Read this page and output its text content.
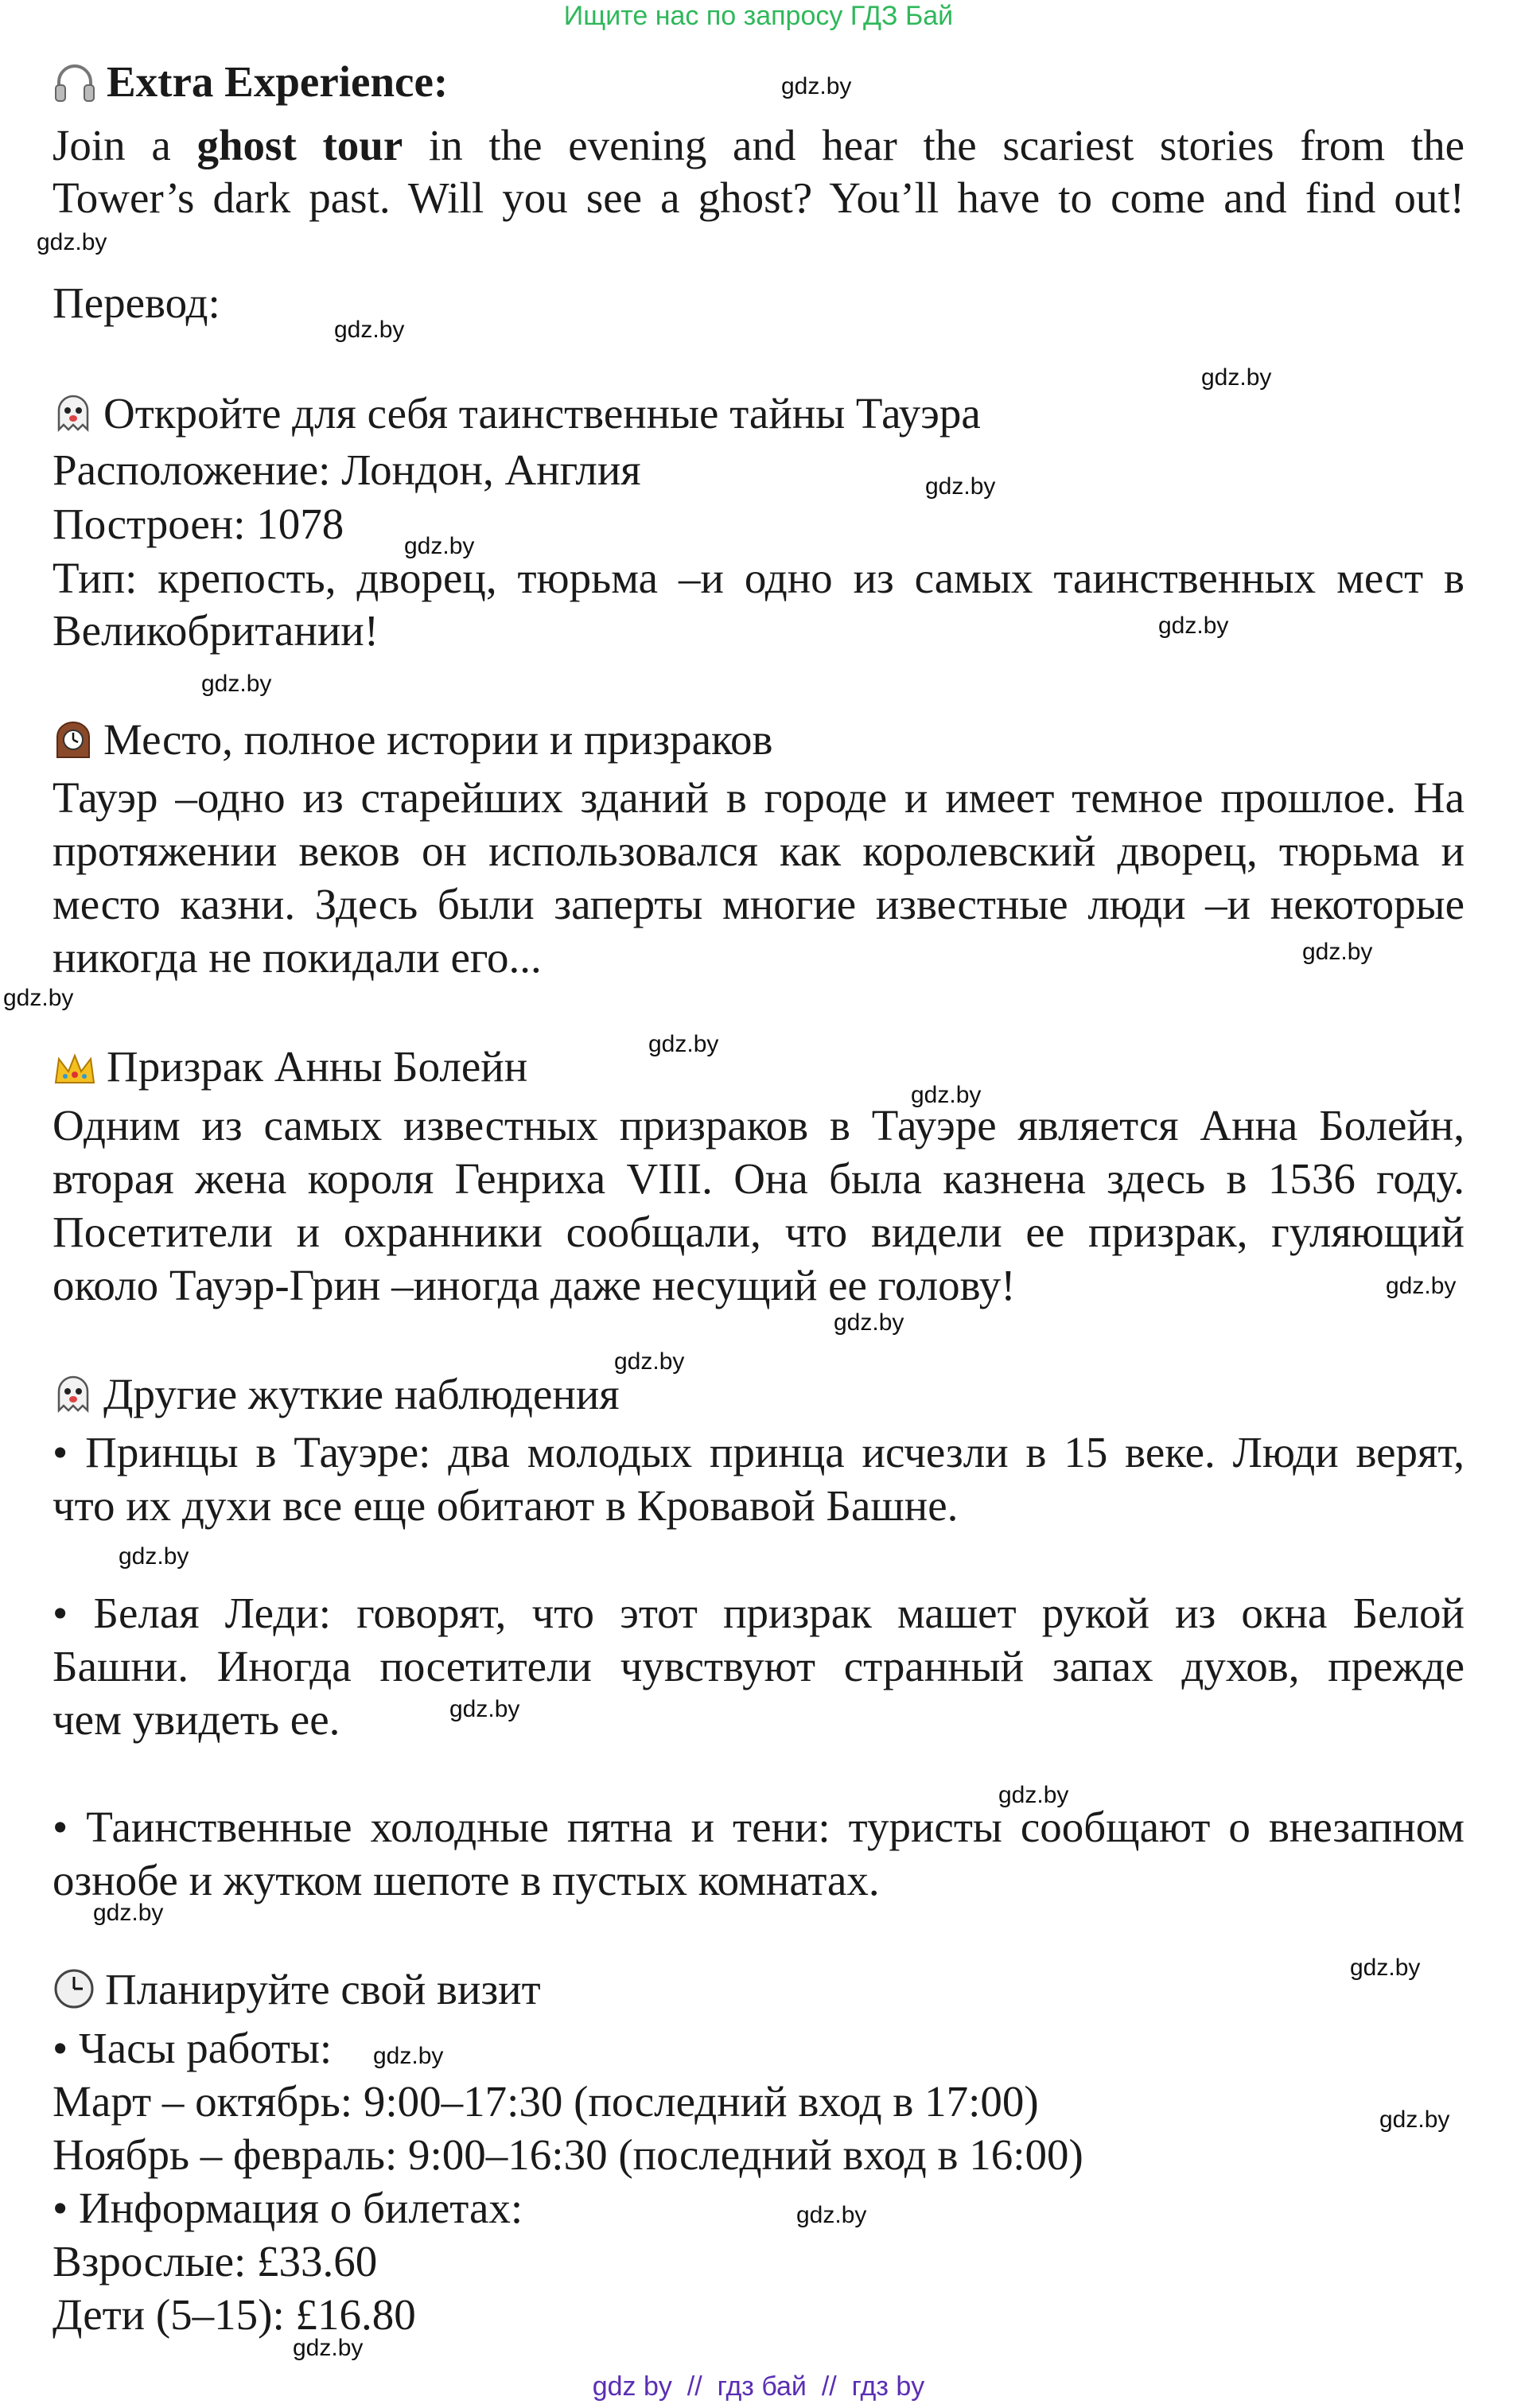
Ищите нас по запросу ГДЗ Бай
Extra Experience:
Join a ghost tour in the evening and hear the scariest stories from the
Tower’s dark past. Will you see a ghost? You’ll have to come and find out!
Перевод:
Откройте для себя таинственные тайны Тауэра
Расположение: Лондон, Англия
Построен: 1078
Тип: крепость, дворец, тюрьма –и одно из самых таинственных мест в
Великобритании!
Место, полное истории и призраков
Тауэр –одно из старейших зданий в городе и имеет темное прошлое. На
протяжении веков он использовался как королевский дворец, тюрьма и
место казни. Здесь были заперты многие известные люди –и некоторые
никогда не покидали его...
Призрак Анны Болейн
Одним из самых известных призраков в Тауэре является Анна Болейн,
вторая жена короля Генриха VIII. Она была казнена здесь в 1536 году.
Посетители и охранники сообщали, что видели ее призрак, гуляющий
около Тауэр-Грин –иногда даже несущий ее голову!
Другие жуткие наблюдения
• Принцы в Тауэре: два молодых принца исчезли в 15 веке. Люди верят,
что их духи все еще обитают в Кровавой Башне.
• Белая Леди: говорят, что этот призрак машет рукой из окна Белой
Башни. Иногда посетители чувствуют странный запах духов, прежде
чем увидеть ее.
• Таинственные холодные пятна и тени: туристы сообщают о внезапном
ознобе и жутком шепоте в пустых комнатах.
Планируйте свой визит
• Часы работы:
Март – октябрь: 9:00–17:30 (последний вход в 17:00)
Ноябрь – февраль: 9:00–16:30 (последний вход в 16:00)
• Информация о билетах:
Взрослые: £33.60
Дети (5–15): £16.80
gdz.by
gdz.by
gdz.by
gdz.by
gdz.by
gdz.by
gdz.by
gdz.by
gdz.by
gdz.by
gdz.by
gdz.by
gdz.by
gdz.by
gdz.by
gdz.by
gdz.by
gdz.by
gdz.by
gdz.by
gdz.by
gdz.by
gdz.by
gdz.by
gdz by  //  гдз бай  //  гдз by
